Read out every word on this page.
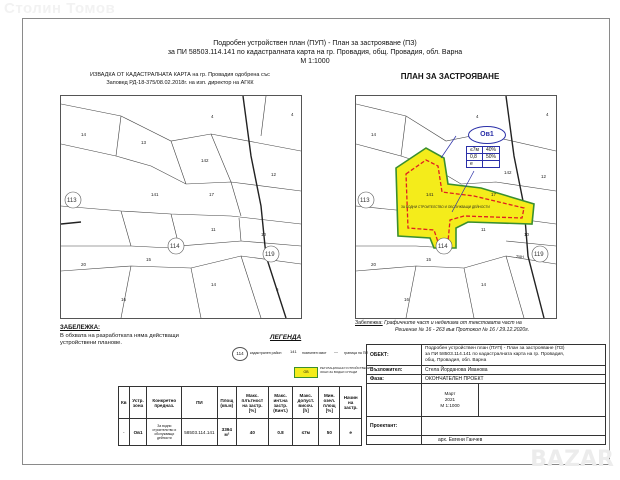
Столин Томов
Подробен устройствен план (ПУП) - План за застрояване (ПЗ)
за ПИ 58503.114.141 по кадастралната карта на гр. Провадия, общ. Провадия, обл. Варна
М 1:1000
ИЗВАДКА ОТ КАДАСТРАЛНАТА КАРТА на гр. Провадия одобрена със
Заповед РД-18-375/08.02.2018г. на изп. директор на АГКК
4
14
13
142
12
141	17
11
10
15
14
16
20
4
5
113
114
119
ПЛАН ЗА ЗАСТРОЯВАНЕ
ЗА ВОДНИ СТРОИТЕЛСТВО И ОБСЛУЖВАЩИ ДЕЙНОСТИ
4
14
142
12
141	17
11
10
15
14
16
20
4
Зон
113
114
119
Ов1
≤7м	40%
0,8	50%
е	
Забележка: Графичните част и неделима от текстовата част на
Решение № 16 - 263 във Протокол № 16 / 29.12.2020г.
ЗАБЕЛЕЖКА:
В обхвата на разработката няма действащи
устройствени планове.
ЛЕГЕНДА
114	кадастрален район 141 поземлен имот — граница на ПИ
ОВ
РЕГУЛАЦИОННИ УСТРОЙСТВЕНИ ЗОНИ ЗА ВОДНИ СГРАДИ
Кв	Устр. зона	Конкретно предназ.	ПИ	Площ (кв.м)	Макс. плътност на застр. [%]	Макс. инт.на застр. (Кинт.)	Макс. допуст. височ. [h]	Мин. озел. площ [%]	Начин на застр.
-	Ов1	За водни строителство и обслужващи дейности	58503.114.141	3394 м²	40	0.8	≤7м	50	е
ОБЕКТ:	Подробен устройствен план (ПУП) - План за застрояване (ПЗ)
за ПИ 58503.114.141 по кадастралната карта на гр. Провадия,
общ. Провадия, обл. Варна	
Възложител:	Стела Йорданова Иванова	
Фаза:	ОКОНЧАТЕЛЕН ПРОЕКТ	
	Март
2021
М 1:1000	
Проектант:		
	арх. Евгени Ганчев	
BAZAR
